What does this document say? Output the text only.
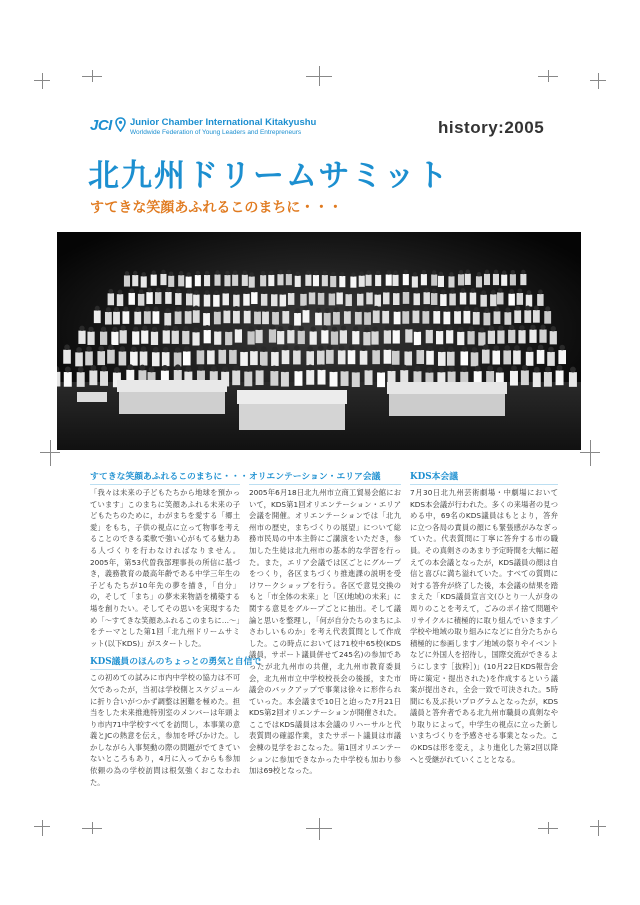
JCI Junior Chamber International Kitakyushu
Worldwide Federation of Young Leaders and Entrepreneurs	history:2005
北九州ドリームサミット
すてきな笑顔あふれるこのまちに・・・
すてきな笑顔あふれるこのまちに・・・

「我々は未来の子どもたちから地球を預かっています」このまちに笑顔あふれる未来の子どもたちのために，わがまちを愛する「郷土愛」をもち，子供の視点に立って物事を考えることのできる柔軟で強い心がもてる魅力ある人づくりを行わなければなりません。2005年，第53代曽我部理事長の所信に基づき，義務教育の最高年齢である中学三年生の子どもたちが10年先の夢を描き，「自分」の，そして「まち」の夢未来物語を構築する場を創りたい。そしてその思いを実現するため「～すてきな笑顔あふれるこのまちに…～」をテーマとした第1回「北九州ドリームサミット(以下KDS)」がスタートした。

KDS議員のほんのちょっとの勇気と自信で

この初めての試みに市内中学校の協力は不可欠であったが，当初は学校側とスケジュールに折り合いがつかず調整は困難を極めた。担当をした未来推進特別室のメンバーは年頭より市内71中学校すべてを訪問し，本事業の意義とJCの熱意を伝え，参加を呼びかけた。しかしながら入事契動の際の問題がでてきていないところもあり，4月に入ってからも参加依頼の為の学校訪問は根気強くおこなわれた。

オリエンテーション・エリア会議

2005年6月18日北九州市立商工貿易会館において，KDS第1回オリエンテーション・エリア会議を開催。オリエンテーションでは「北九州市の歴史，まちづくりの展望」について総務市民局の中本主幹にご講演をいただき，参加した生徒は北九州市の基本的な学習を行った。また，エリア会議では区ごとにグループをつくり，各区まちづくり推進課の説明を受けワークショップを行う。各区で意見交換のもと「市全体の未来」と「区(地域)の未来」に関する意見をグループごとに抽出。そして議論と思いを整理し，「何が自分たちのまちにふさわしいものか」を考え代表質問として作成した。この時点においては71校中65校(KDS議員，サポート議員併せて245名)の参加であったが北九州市の共催，北九州市教育委員会，北九州市立中学校校長会の後援，また市議会のバックアップで事業は徐々に形作られていった。本会議まで10日と迫った7月21日KDS第2回オリエンテーションが開催された。ここではKDS議員は本会議のリハーサルと代表質問の確認作業，またサポート議員は市議会棟の見学をおこなった。第1回オリエンテーションに参加できなかった中学校も加わり参加は69校となった。

KDS本会議

7月30日北九州芸術劇場・中劇場においてKDS本会議が行われた。多くの来場者の見つめる中，69名のKDS議員はもとより，答弁に立つ各局の責員の顔にも緊張感がみなぎっていた。代表質問に丁寧に答弁する市の職員。その真剣さのあまり予定時間を大幅に超えての本会議となったが，KDS議員の顔は自信と喜びに満ち溢れていた。すべての質問に対する答弁が終了した後，本会議の結果を踏まえた「KDS議員宣言文(ひとり一人が身の周りのことを考えて，ごみのポイ捨て問題やリサイクルに積極的に取り組んでいきます／学校や地域の取り組みになどに自分たちから積極的に参画します／地域の祭りやイベントなどに外国人を招待し，国際交流ができるようにします［抜粋］)」(10月22日KDS報告会時に策定・提出された)を作成するという議案が提出され，全会一致で可決された。5時間にも及ぶ長いプログラムとなったが，KDS議員と答弁者である北九州市職員の真剣なやり取りによって，中学生の視点に立った新しいまちづくりを予感させる事業となった。このKDSは形を変え，より進化した第2回以降へと受継がれていくこととなる。
